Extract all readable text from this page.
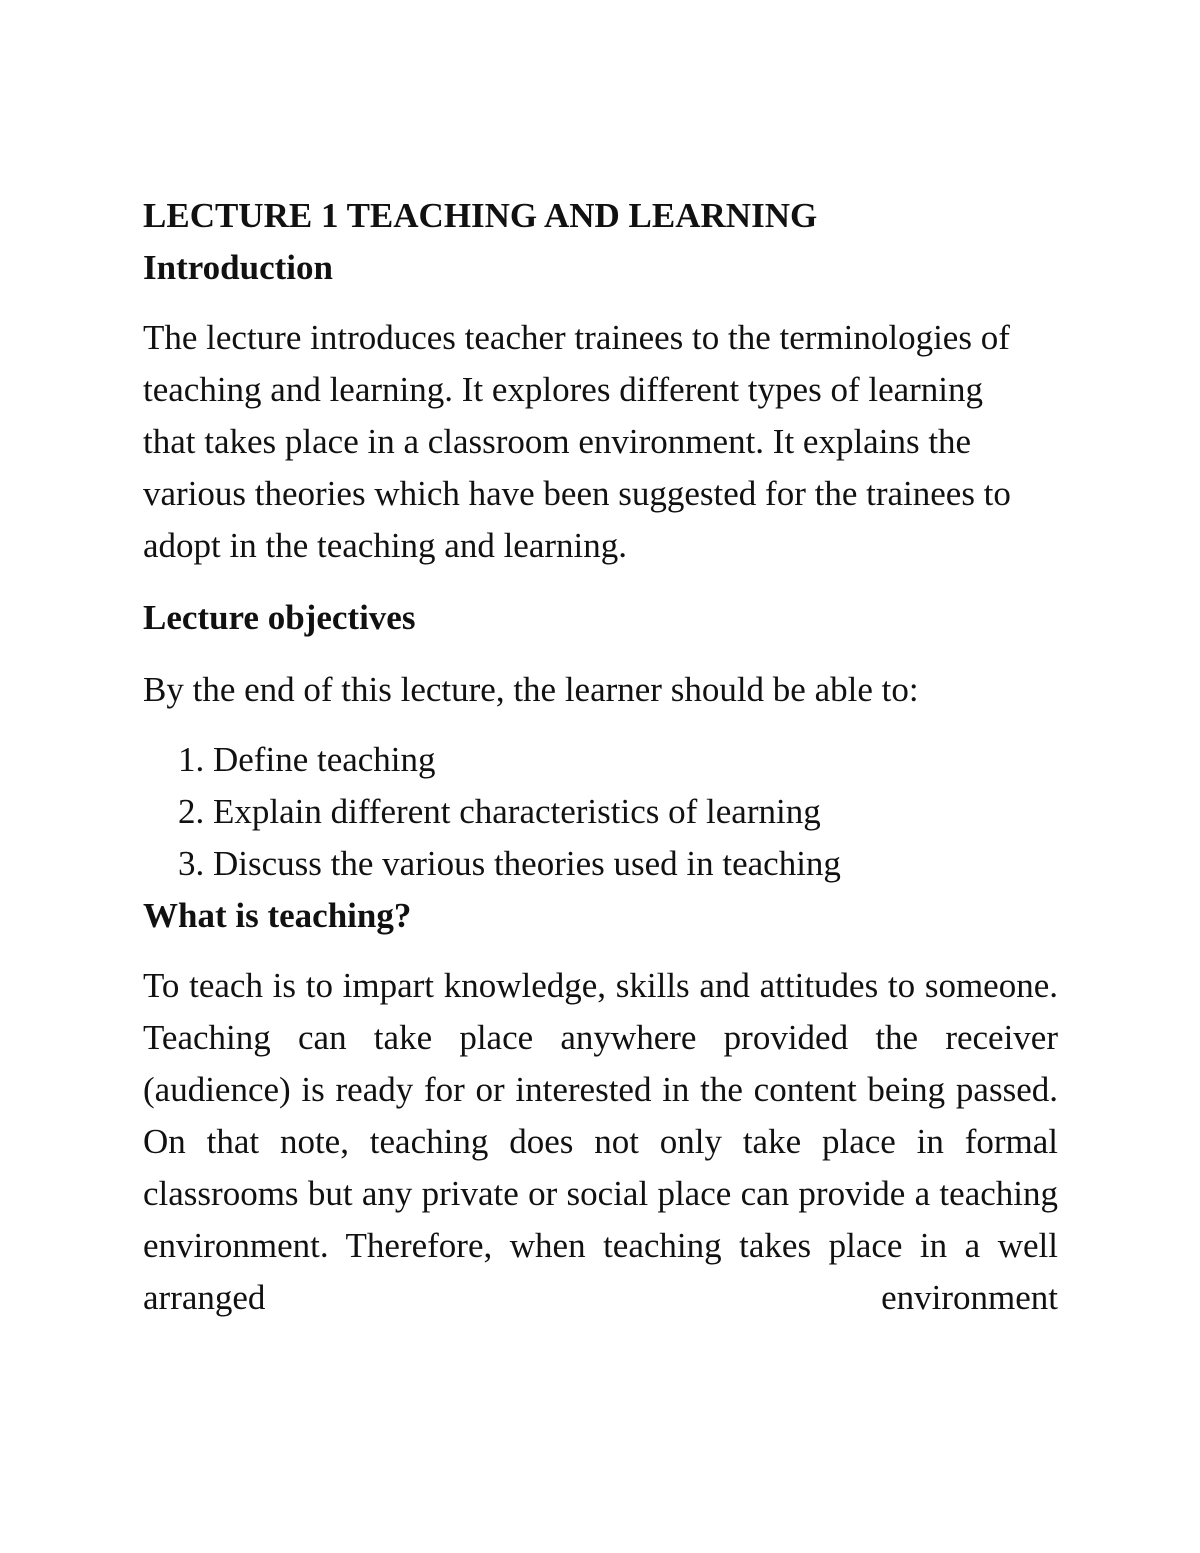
LECTURE 1 TEACHING AND LEARNING
Introduction

The lecture introduces teacher trainees to the terminologies of teaching and learning. It explores different types of learning that takes place in a classroom environment. It explains the various theories which have been suggested for the trainees to adopt in the teaching and learning.

Lecture objectives

By the end of this lecture, the learner should be able to:

1. Define teaching
2. Explain different characteristics of learning
3. Discuss the various theories used in teaching
What is teaching?

To teach is to impart knowledge, skills and attitudes to someone. Teaching can take place anywhere provided the receiver (audience) is ready for or interested in the content being passed. On that note, teaching does not only take place in formal classrooms but any private or social place can provide a teaching environment. Therefore, when teaching takes place in a well arranged environment
